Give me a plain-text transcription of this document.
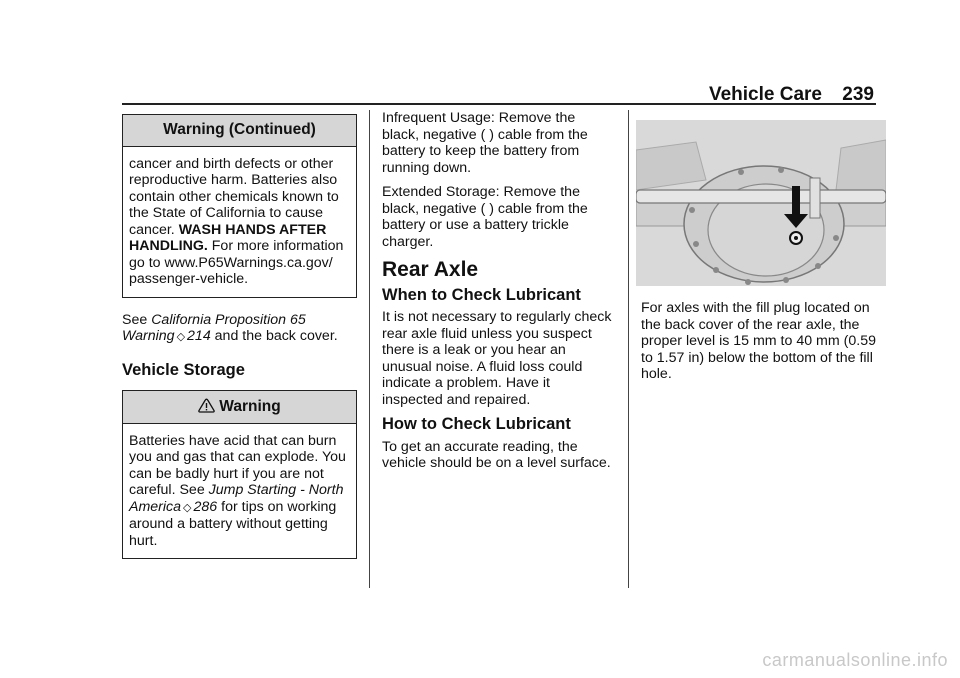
Vehicle Care 239
Warning (Continued)
cancer and birth defects or other reproductive harm. Batteries also contain other chemicals known to the State of California to cause cancer. WASH HANDS AFTER HANDLING. For more information go to www.P65Warnings.ca.gov/ passenger-vehicle.

See California Proposition 65 Warning ◇ 214 and the back cover.

Vehicle Storage
Warning
Batteries have acid that can burn you and gas that can explode. You can be badly hurt if you are not careful. See Jump Starting - North America ◇ 286 for tips on working around a battery without getting hurt.

Infrequent Usage: Remove the black, negative ( ) cable from the battery to keep the battery from running down.

Extended Storage: Remove the black, negative ( ) cable from the battery or use a battery trickle charger.

Rear Axle
When to Check Lubricant

It is not necessary to regularly check rear axle fluid unless you suspect there is a leak or you hear an unusual noise. A fluid loss could indicate a problem. Have it inspected and repaired.

How to Check Lubricant

To get an accurate reading, the vehicle should be on a level surface.

For axles with the fill plug located on the back cover of the rear axle, the proper level is 15 mm to 40 mm (0.59 to 1.57 in) below the bottom of the fill hole.

carmanualsonline.info
